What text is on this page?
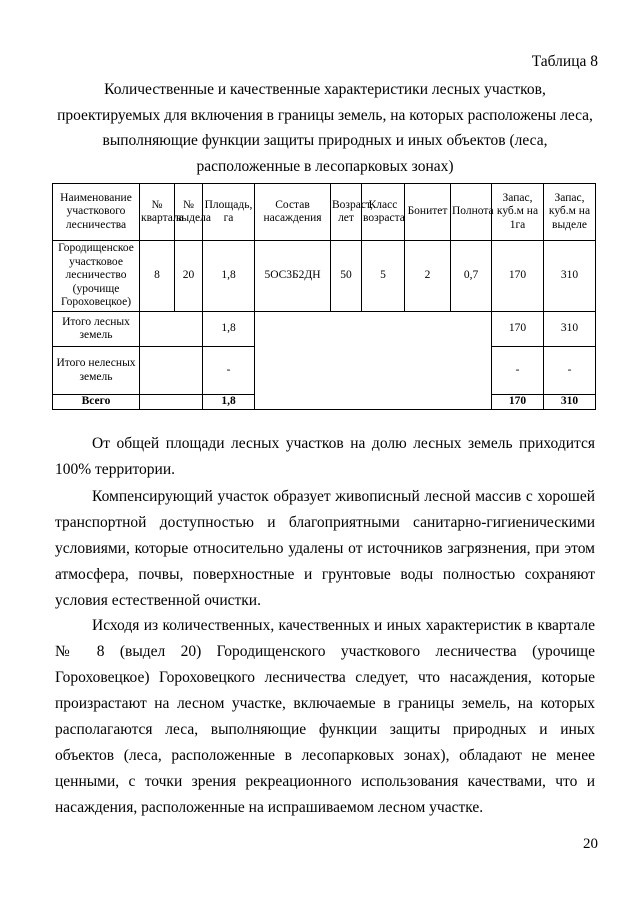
Таблица 8
Количественные и качественные характеристики лесных участков, проектируемых для включения в границы земель, на которых расположены леса, выполняющие функции защиты природных и иных объектов (леса, расположенные в лесопарковых зонах)
Наименование участкового лесничества	№ квартала	№ выдела	Площадь, га	Состав насаждения	Возраст, лет	Класс возраста	Бонитет	Полнота	Запас, куб.м на 1га	Запас, куб.м на выделе
Городищенское участковое лесничество (урочище Гороховецкое)	8	20	1,8	5ОС3Б2ДН	50	5	2	0,7	170	310
Итого лесных земель			1,8						170	310
Итого нелесных земель			-						-	-
Всего			1,8						170	310

От общей площади лесных участков на долю лесных земель приходится 100% территории.

Компенсирующий участок образует живописный лесной массив с хорошей транспортной доступностью и благоприятными санитарно-гигиеническими условиями, которые относительно удалены от источников загрязнения, при этом атмосфера, почвы, поверхностные и грунтовые воды полностью сохраняют условия естественной очистки.

Исходя из количественных, качественных и иных характеристик в квартале № 8 (выдел 20) Городищенского участкового лесничества (урочище Гороховецкое) Гороховецкого лесничества следует, что насаждения, которые произрастают на лесном участке, включаемые в границы земель, на которых располагаются леса, выполняющие функции защиты природных и иных объектов (леса, расположенные в лесопарковых зонах), обладают не менее ценными, с точки зрения рекреационного использования качествами, что и насаждения, расположенные на испрашиваемом лесном участке.

20
